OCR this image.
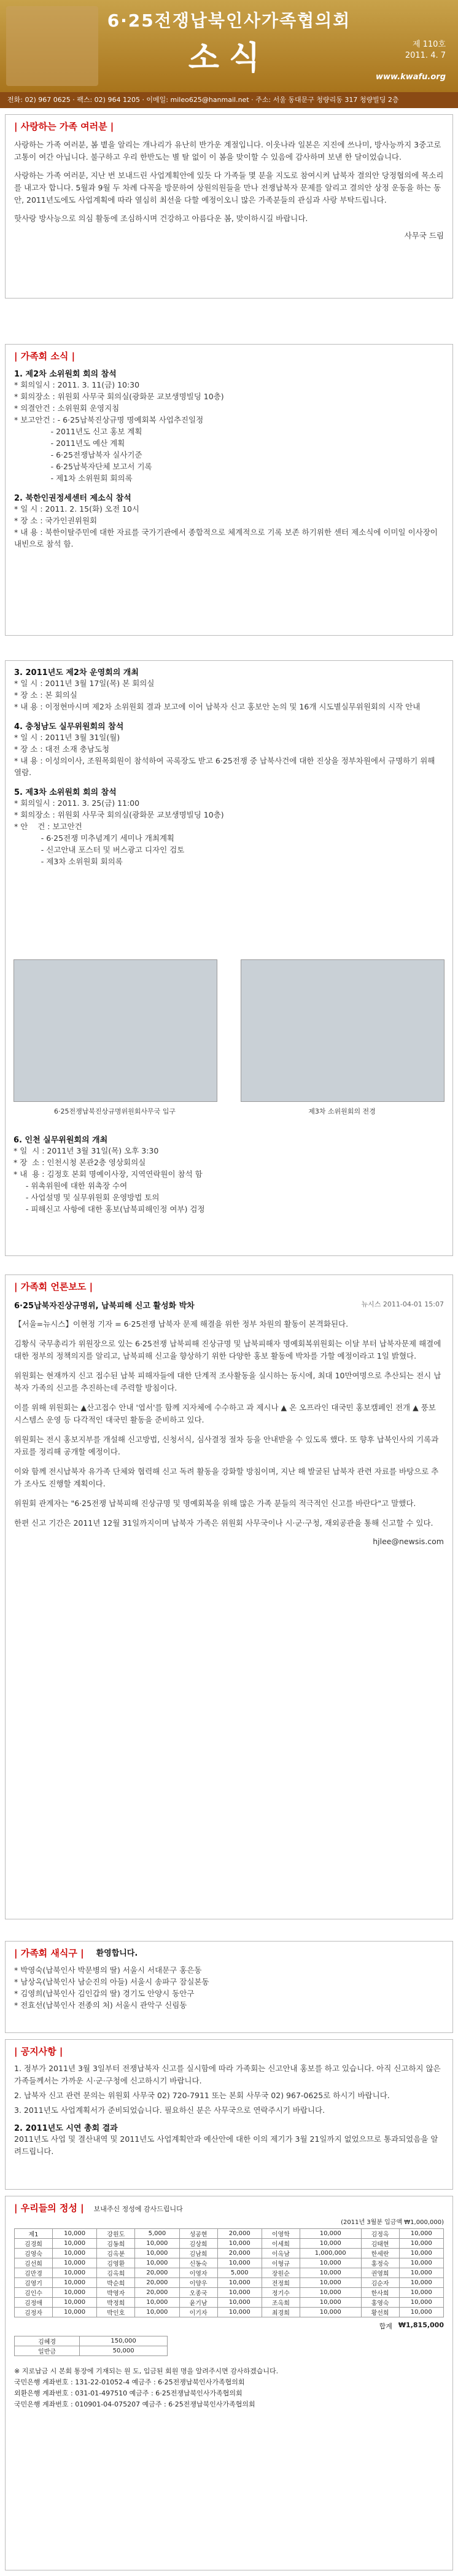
6·25전쟁납북인사가족협의회
소식	제 110호
2011. 4. 7
www.kwafu.org
전화: 02) 967 0625 · 팩스: 02) 964 1205 · 이메일: mileo625@hanmail.net · 주소: 서울 동대문구 청량리동 317 청량빌딩 2층
| 사랑하는 가족 여러분 |
사랑하는 가족 여러분, 봄 볕을 알리는 개나리가 유난히 반가운 계절입니다. 이웃나라 일본은 지진에 쓰나미, 방사능까지 3중고로 고통이 여간 아닙니다. 불구하고 우리 한반도는 별 탈 없이 이 봄을 맞이할 수 있음에 감사하며 보낸 한 달이었습니다.
사랑하는 가족 여러분, 지난 번 보내드린 사업계획안에 있듯 다 가족들 몇 분을 지도로 참여시켜 납북자 결의안 당정협의에 목소리를 내고자 합니다. 5월과 9월 두 차례 다꼭을 방문하여 상원의원들을 만나 전쟁납북자 문제를 알리고 결의안 상정 운동을 하는 동안, 2011년도에도 사업계획에 따라 열심히 최선을 다할 예정이오니 많은 가족분들의 관심과 사랑 부탁드립니다.
핫사랑 방사능으로 의심 활동에 조심하시며 건강하고 아름다운 봄, 맞이하시길 바랍니다.
사무국 드림
| 가족회 소식 |
1. 제2차 소위원회 회의 참석
* 회의일시 : 2011. 3. 11(금) 10:30
* 회의장소 : 위원회 사무국 회의실(광화문 교보생명빌딩 10층)
* 의결안건 : 소위원회 운영지침
* 보고안건 : - 6·25납북진상규명 명예회복 사업추진일정
- 2011년도 신고 홍보 계획
- 2011년도 예산 계획
- 6·25전쟁납북자 실사기준
- 6·25납북자단체 보고서 기록
- 제1차 소위원회 회의록
2. 북한인권정세센터 제소식 참석
* 일 시 : 2011. 2. 15(화) 오전 10시
* 장 소 : 국가인권위원회
* 내 용 : 북한이탈주민에 대한 자료를 국가기관에서 종합적으로 체계적으로 기록 보존 하기위한 센터 제소식에 이미일 이사장이 내빈으로 참석 함.
3. 2011년도 제2차 운영회의 개최
* 일 시 : 2011년 3월 17일(목) 본 회의실
* 장 소 : 본 회의실
* 내 용 : 이정현마시며 제2차 소위원회 결과 보고에 이어 납북자 신고 홍보안 논의 및 16개 시도별실무위원회의 시작 안내
4. 충청남도 실무위원회의 참석
* 일 시 : 2011년 3월 31일(월)
* 장 소 : 대전 소재 충남도청
* 내 용 : 이성의이사, 조원목회원이 참석하여 곡록장도 받고 6·25전쟁 중 납북사건에 대한 진상을 정부차원에서 규명하기 위해 열람.
5. 제3차 소위원회 회의 참석
* 회의일시 : 2011. 3. 25(금) 11:00
* 회의장소 : 위원회 사무국 회의실(광화문 교보생명빌딩 10층)
* 안    건 : 보고안건
- 6·25전쟁 미추념계기 세미나 개최계획
- 신고안내 포스터 및 버스광고 디자인 검토
- 제3차 소위원회 회의록
6·25전쟁납북진상규명위원회사무국 입구	제3차 소위원회의 전경
6. 인천 실무위원회의 개최
* 일  시 : 2011년 3월 31일(목) 오후 3:30
* 장  소 : 인천시청 본관2층 영상회의실
* 내  용 : 김정호 본회 명예이사장, 지역연락원이 참석 함
- 위촉위원에 대한 위촉장 수여
- 사업설명 및 실무위원회 운영방법 토의
- 피해신고 사항에 대한 홍보(납북피해인정 여부) 검정
| 가족회 언론보도 |
6·25납북자진상규명위, 납북피해 신고 활성화 박차	뉴시스 2011-04-01 15:07
【서울=뉴시스】이현정 기자 = 6·25전쟁 납북자 문제 해결을 위한 정부 차원의 활동이 본격화된다.
김황식 국무총리가 위원장으로 있는 6·25전쟁 납북피해 진상규명 및 납북피해자 명예회복위원회는 이달 부터 납북자문제 해결에 대한 정부의 정책의지를 알리고, 납북피해 신고율 향상하기 위한 다양한 홍보 활동에 박차를 가할 예정이라고 1일 밝혔다.
위원회는 현재까지 신고 접수된 납북 피해자들에 대한 단계적 조사활동을 실시하는 동시에, 최대 10만여명으로 추산되는 전시 납북자 가족의 신고를 추진하는데 주력할 방침이다.
이를 위해 위원회는 ▲산고접수 안내 '엽서'를 함께 지자체에 수수하고 과 제시나 ▲ 온 오프라인 대국민 홍보캠페인 전개 ▲ 풍보 시스템스 운영 등 다각적인 대국민 활동을 준비하고 있다.
위원회는 전시 홍보지부를 개설해 신고방법, 신청서식, 심사결정 절차 등을 안내받을 수 있도록 했다. 또 향후 납북인사의 기록과 자료를 정리해 공개할 예정이다.
이와 함께 전시납북자 유가족 단체와 협력해 신고 독려 활동을 강화할 방침이며, 지난 해 발굴된 납북자 관련 자료를 바탕으로 추가 조사도 진행할 계획이다.
위원회 관계자는 "6·25전쟁 납북피해 진상규명 및 명예회복을 위해 많은 가족 분들의 적극적인 신고를 바란다"고 말했다.
한편 신고 기간은 2011년 12월 31일까지이며 납북자 가족은 위원회 사무국이나 시·군·구청, 재외공관을 통해 신고할 수 있다.
hjlee@newsis.com
| 가족회 새식구 | 환영합니다.
* 박영숙(납북인사 박문병의 딸) 서울시 서대문구 홍은동
* 남상옥(납북인사 남순진의 아들) 서울시 송파구 잠실본동
* 김영희(납북인사 김인갑의 딸) 경기도 안양시 동안구
* 전효선(납북인사 전종의 처) 서울시 관악구 신림동
| 공지사항 |
1. 정부가 2011년 3월 3일부터 전쟁납북자 신고를 실시함에 따라 가족회는 신고안내 홍보를 하고 있습니다. 아직 신고하지 않은 가족들께서는 가까운 시·군·구청에 신고하시기 바랍니다.
2. 납북자 신고 관련 문의는 위원회 사무국 02) 720-7911 또는 본회 사무국 02) 967-0625로 하시기 바랍니다.
3. 2011년도 사업계획서가 준비되었습니다. 필요하신 분은 사무국으로 연락주시기 바랍니다.
2. 2011년도 시연 총회 결과
2011년도 사업 및 결산내역 및 2011년도 사업계획안과 예산안에 대한 이의 제기가 3월 21일까지 없었으므로 통과되었음을 알려드립니다.
| 우리들의 정성 | 보내주신 정성에 감사드립니다
(2011년 3월분 입금액 ₩1,000,000)
제1	10,000	강원도	5,000	성공현	20,000	이영학	10,000	김정옥	10,000
김경희	10,000	김동희	10,000	김상희	10,000	이세희	10,000	김태현	10,000
김영숙	10,000	김옥분	10,000	김남희	20,000	이옥남	1,000,000	한세란	10,000
김선희	10,000	김영환	10,000	신동숙	10,000	이형규	10,000	홍정숙	10,000
김만경	10,000	김옥희	20,000	이영자	5,000	장원순	10,000	권영희	10,000
김영기	10,000	박순희	20,000	이양우	10,000	전정희	10,000	김순자	10,000
김인수	10,000	박영자	20,000	오종국	10,000	정기수	10,000	한사희	10,000
김정애	10,000	박정희	10,000	윤기남	10,000	조옥희	10,000	홍영숙	10,000
김정자	10,000	박인호	10,000	이기자	10,000	최경희	10,000	황선희	10,000
합계 ₩1,815,000
김혜경	150,000
일반금	50,000
※ 지로납금 시 본회 통장에 기재되는 원 도, 입금된 회원 명을 알려주시면 감사하겠습니다.
국민은행 계좌번호 : 131-22-01052-4 예금주 : 6·25전쟁납북인사가족협의회
외환은행 계좌번호 : 031-01-497510 예금주 : 6·25전쟁납북인사가족협의회
국민은행 계좌번호 : 010901-04-075207 예금주 : 6·25전쟁납북인사가족협의회
